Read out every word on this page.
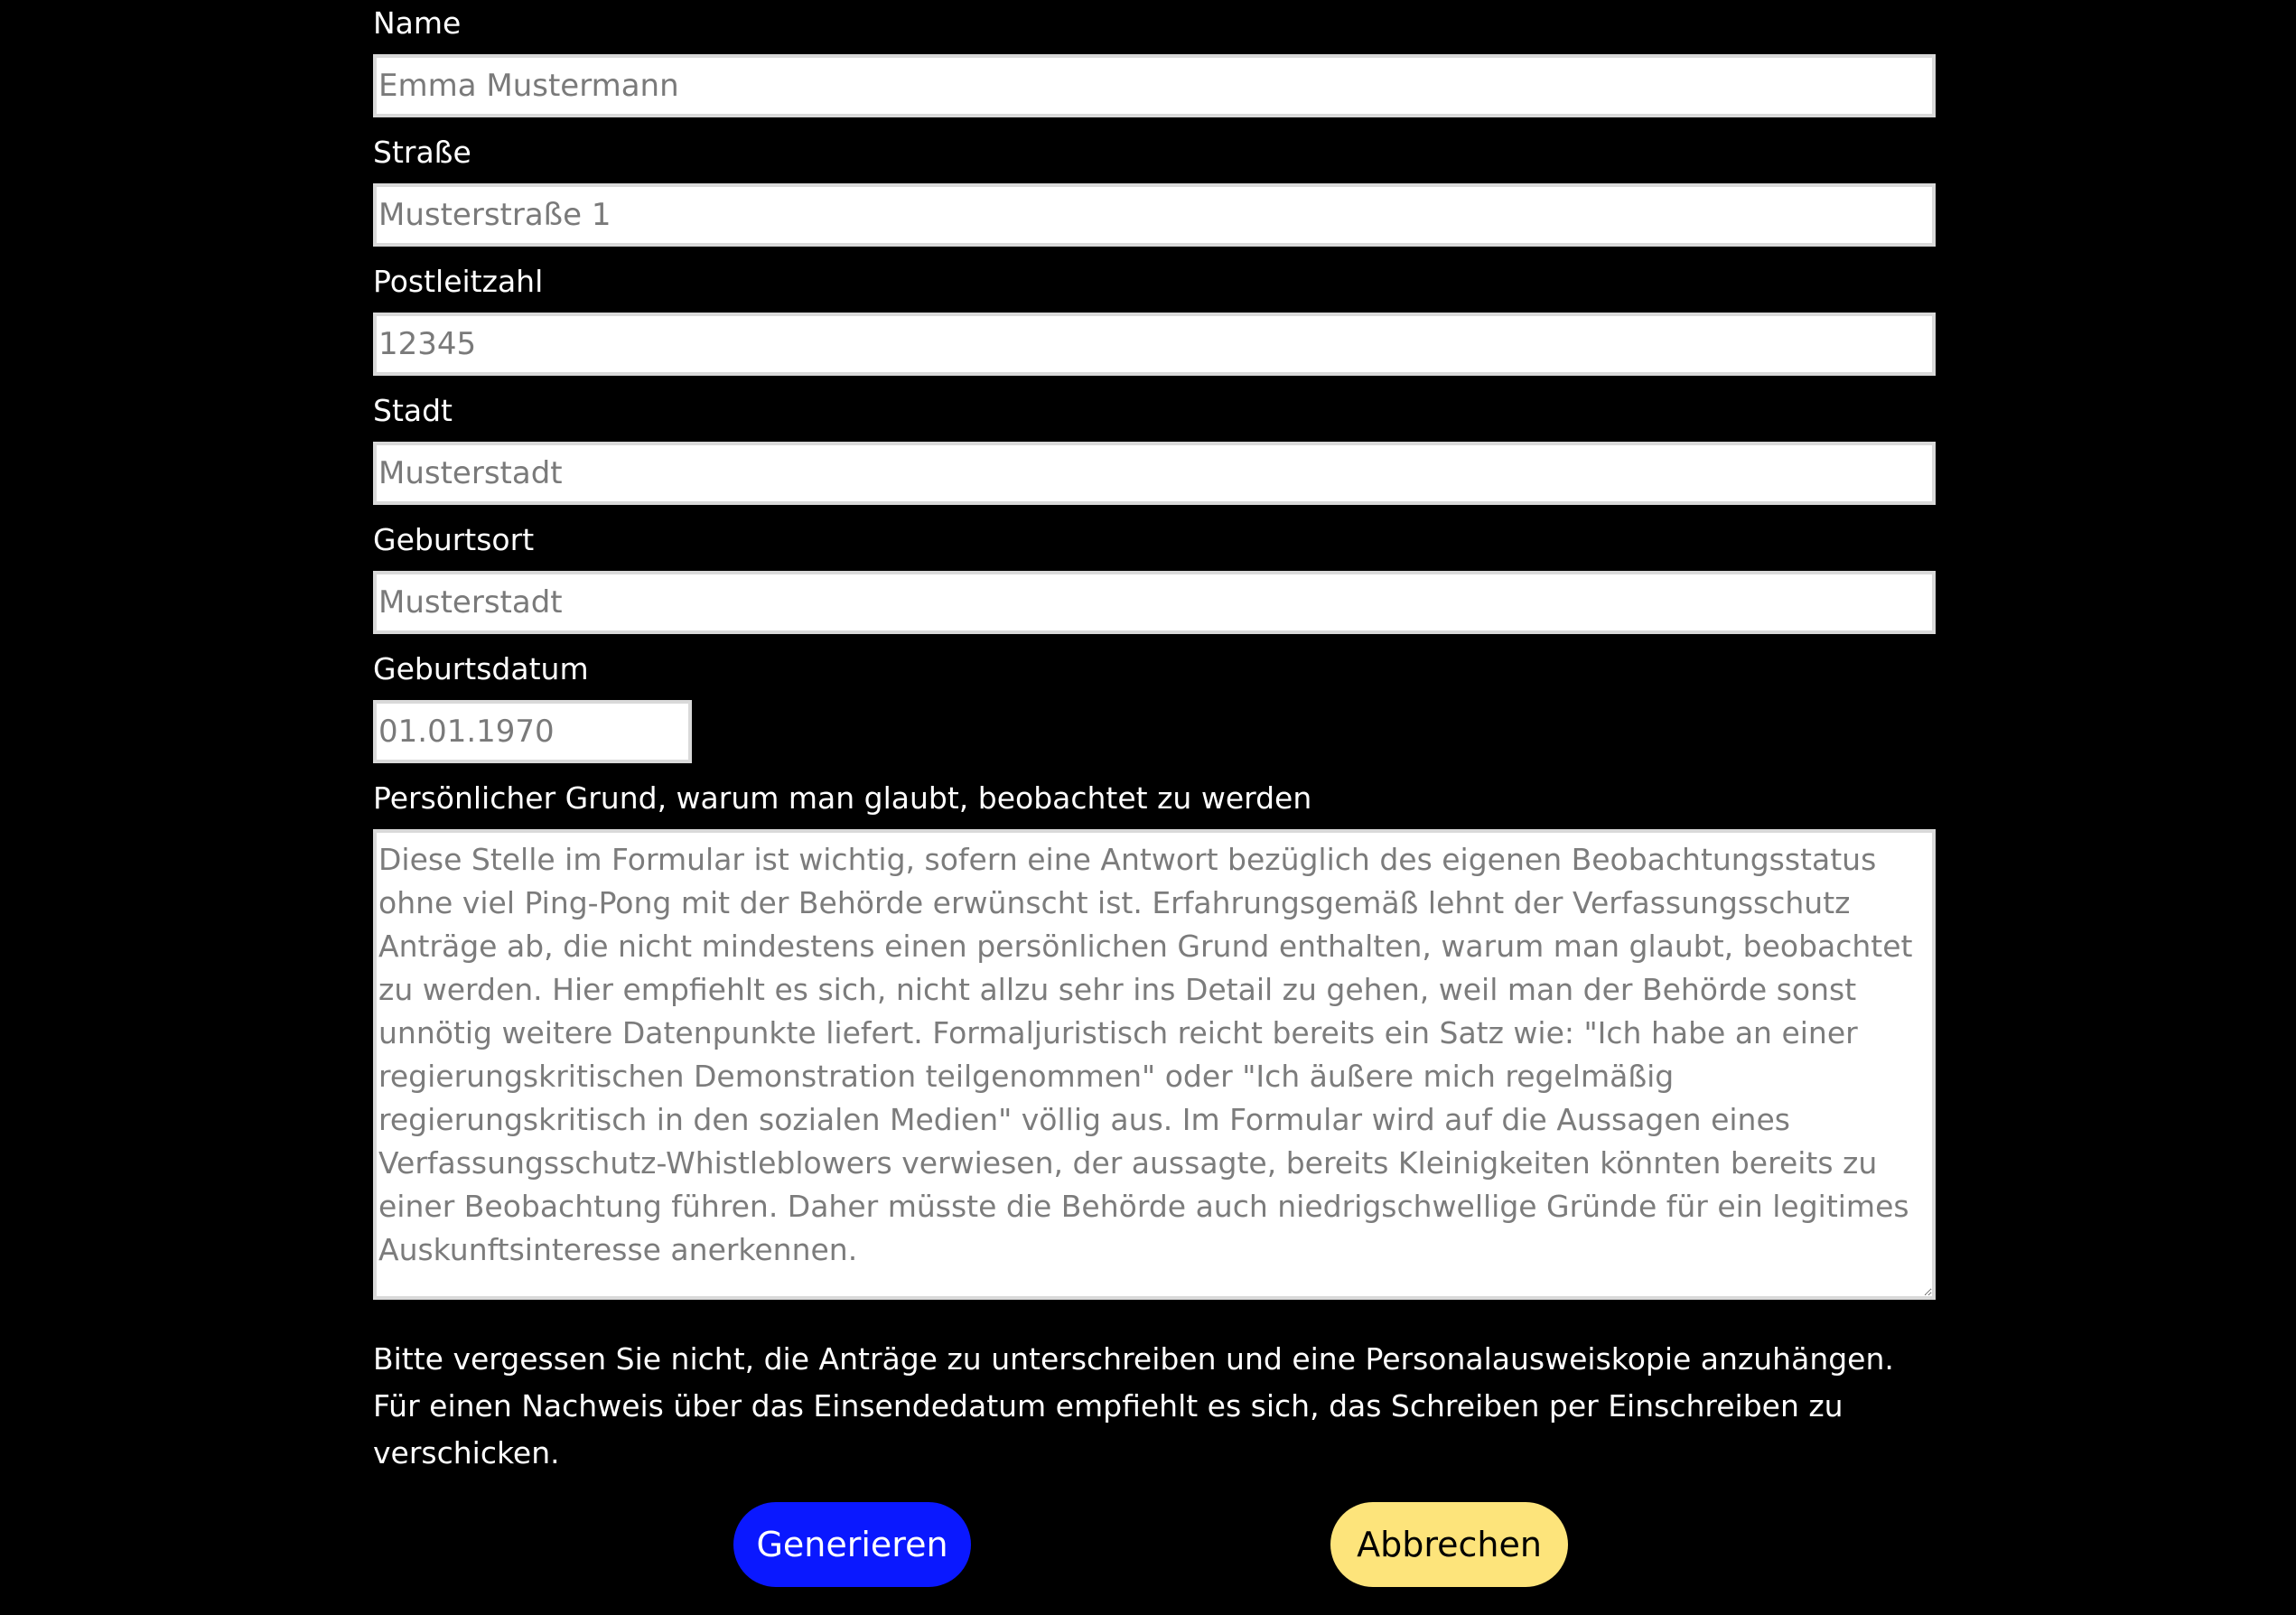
Name
Emma Mustermann
Straße
Musterstraße 1
Postleitzahl
12345
Stadt
Musterstadt
Geburtsort
Musterstadt
Geburtsdatum
01.01.1970
Persönlicher Grund, warum man glaubt, beobachtet zu werden
Diese Stelle im Formular ist wichtig, sofern eine Antwort bezüglich des eigenen Beobachtungsstatus ohne viel Ping-Pong mit der Behörde erwünscht ist. Erfahrungsgemäß lehnt der Verfassungsschutz Anträge ab, die nicht mindestens einen persönlichen Grund enthalten, warum man glaubt, beobachtet zu werden. Hier empfiehlt es sich, nicht allzu sehr ins Detail zu gehen, weil man der Behörde sonst unnötig weitere Datenpunkte liefert. Formaljuristisch reicht bereits ein Satz wie: "Ich habe an einer regierungskritischen Demonstration teilgenommen" oder "Ich äußere mich regelmäßig regierungskritisch in den sozialen Medien" völlig aus. Im Formular wird auf die Aussagen eines Verfassungsschutz-Whistleblowers verwiesen, der aussagte, bereits Kleinigkeiten könnten bereits zu einer Beobachtung führen. Daher müsste die Behörde auch niedrigschwellige Gründe für ein legitimes Auskunftsinteresse anerkennen.

Bitte vergessen Sie nicht, die Anträge zu unterschreiben und eine Personalausweiskopie anzuhängen.

Für einen Nachweis über das Einsendedatum empfiehlt es sich, das Schreiben per Einschreiben zu verschicken.

Generieren	Abbrechen
